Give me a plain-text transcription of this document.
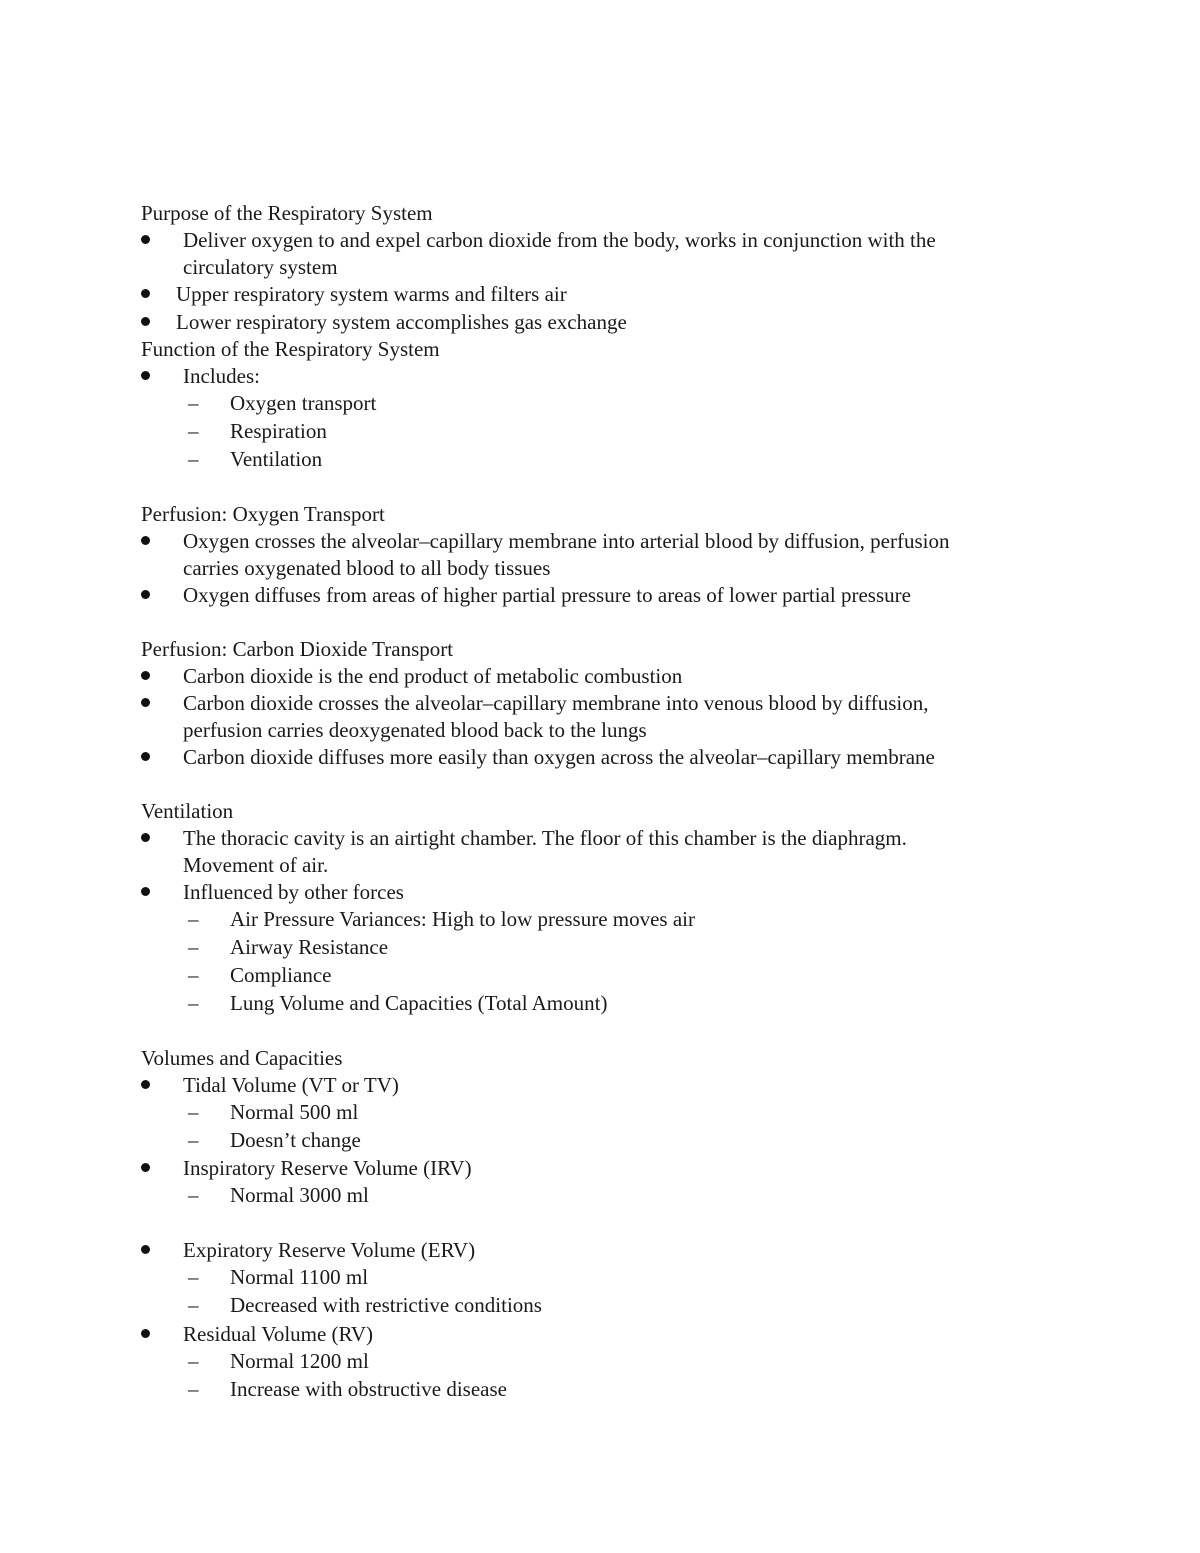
Purpose of the Respiratory System
Deliver oxygen to and expel carbon dioxide from the body, works in conjunction with the
circulatory system
Upper respiratory system warms and filters air
Lower respiratory system accomplishes gas exchange
Function of the Respiratory System
Includes:
– Oxygen transport
– Respiration
– Ventilation
Perfusion: Oxygen Transport
Oxygen crosses the alveolar–capillary membrane into arterial blood by diffusion, perfusion
carries oxygenated blood to all body tissues
Oxygen diffuses from areas of higher partial pressure to areas of lower partial pressure
Perfusion: Carbon Dioxide Transport
Carbon dioxide is the end product of metabolic combustion
Carbon dioxide crosses the alveolar–capillary membrane into venous blood by diffusion,
perfusion carries deoxygenated blood back to the lungs
Carbon dioxide diffuses more easily than oxygen across the alveolar–capillary membrane
Ventilation
The thoracic cavity is an airtight chamber. The floor of this chamber is the diaphragm.
Movement of air.
Influenced by other forces
– Air Pressure Variances: High to low pressure moves air
– Airway Resistance
– Compliance
– Lung Volume and Capacities (Total Amount)
Volumes and Capacities
Tidal Volume (VT or TV)
– Normal 500 ml
– Doesn’t change
Inspiratory Reserve Volume (IRV)
– Normal 3000 ml
Expiratory Reserve Volume (ERV)
– Normal 1100 ml
– Decreased with restrictive conditions
Residual Volume (RV)
– Normal 1200 ml
– Increase with obstructive disease
